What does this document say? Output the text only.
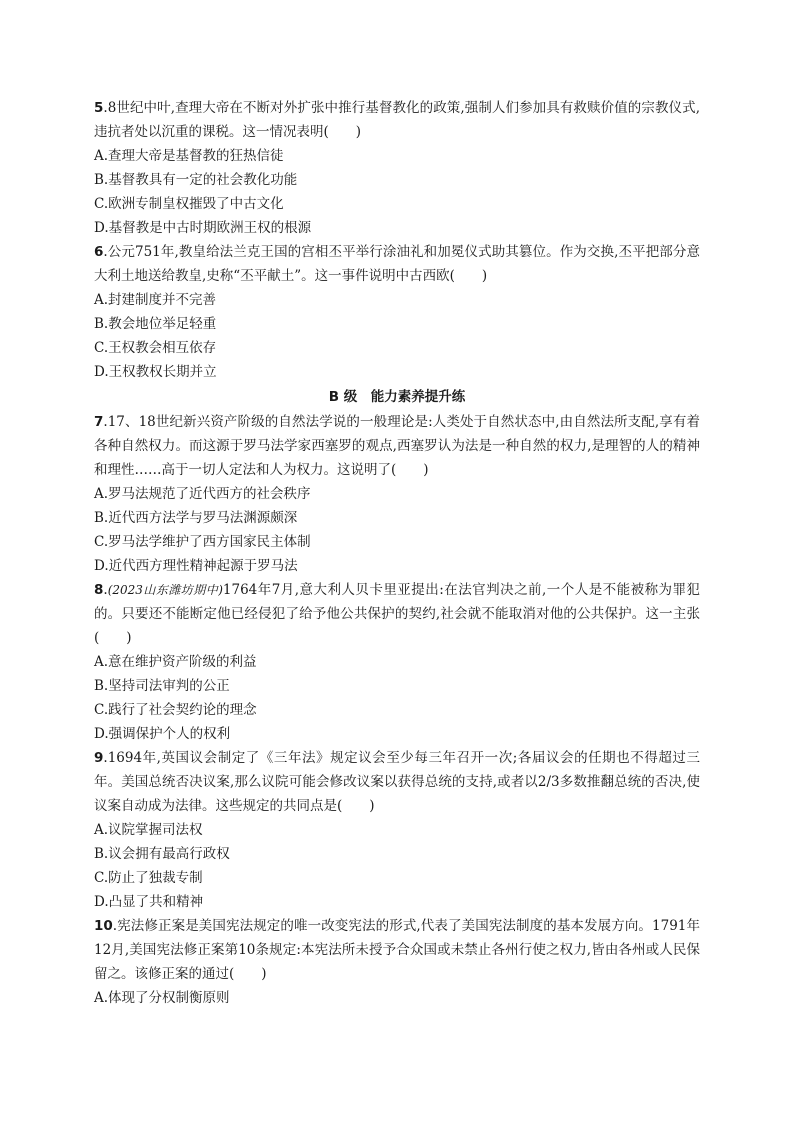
5.8世纪中叶,查理大帝在不断对外扩张中推行基督教化的政策,强制人们参加具有救赎价值的宗教仪式,违抗者处以沉重的课税。这一情况表明(　　)

A.查理大帝是基督教的狂热信徒

B.基督教具有一定的社会教化功能

C.欧洲专制皇权摧毁了中古文化

D.基督教是中古时期欧洲王权的根源

6.公元751年,教皇给法兰克王国的宫相丕平举行涂油礼和加冕仪式助其篡位。作为交换,丕平把部分意大利土地送给教皇,史称“丕平献土”。这一事件说明中古西欧(　　)

A.封建制度并不完善

B.教会地位举足轻重

C.王权教会相互依存

D.王权教权长期并立

B 级　能力素养提升练

7.17、18世纪新兴资产阶级的自然法学说的一般理论是:人类处于自然状态中,由自然法所支配,享有着各种自然权力。而这源于罗马法学家西塞罗的观点,西塞罗认为法是一种自然的权力,是理智的人的精神和理性……高于一切人定法和人为权力。这说明了(　　)

A.罗马法规范了近代西方的社会秩序

B.近代西方法学与罗马法渊源颇深

C.罗马法学维护了西方国家民主体制

D.近代西方理性精神起源于罗马法

8.(2023山东潍坊期中)1764年7月,意大利人贝卡里亚提出:在法官判决之前,一个人是不能被称为罪犯的。只要还不能断定他已经侵犯了给予他公共保护的契约,社会就不能取消对他的公共保护。这一主张(　　)

A.意在维护资产阶级的利益

B.坚持司法审判的公正

C.践行了社会契约论的理念

D.强调保护个人的权利

9.1694年,英国议会制定了《三年法》规定议会至少每三年召开一次;各届议会的任期也不得超过三年。美国总统否决议案,那么议院可能会修改议案以获得总统的支持,或者以2/3多数推翻总统的否决,使议案自动成为法律。这些规定的共同点是(　　)

A.议院掌握司法权

B.议会拥有最高行政权

C.防止了独裁专制

D.凸显了共和精神

10.宪法修正案是美国宪法规定的唯一改变宪法的形式,代表了美国宪法制度的基本发展方向。1791年12月,美国宪法修正案第10条规定:本宪法所未授予合众国或未禁止各州行使之权力,皆由各州或人民保留之。该修正案的通过(　　)

A.体现了分权制衡原则
